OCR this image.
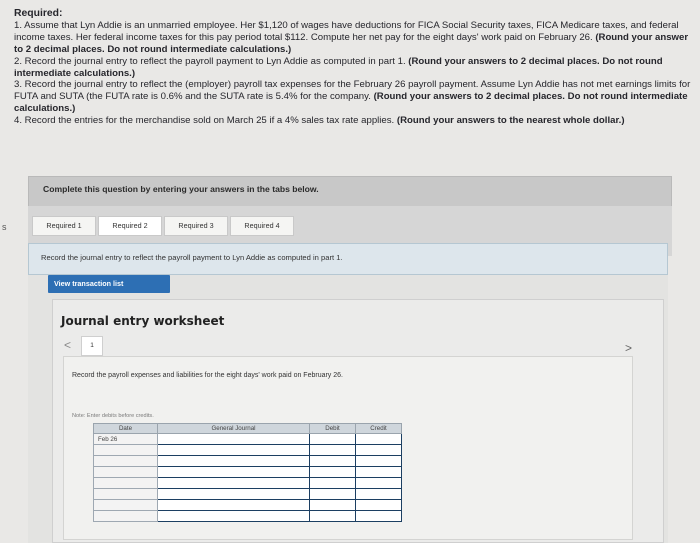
s
Required:
1. Assume that Lyn Addie is an unmarried employee. Her $1,120 of wages have deductions for FICA Social Security taxes, FICA Medicare taxes, and federal income taxes. Her federal income taxes for this pay period total $112. Compute her net pay for the eight days' work paid on February 26. (Round your answer to 2 decimal places. Do not round intermediate calculations.)
2. Record the journal entry to reflect the payroll payment to Lyn Addie as computed in part 1. (Round your answers to 2 decimal places. Do not round intermediate calculations.)
3. Record the journal entry to reflect the (employer) payroll tax expenses for the February 26 payroll payment. Assume Lyn Addie has not met earnings limits for FUTA and SUTA (the FUTA rate is 0.6% and the SUTA rate is 5.4% for the company. (Round your answers to 2 decimal places. Do not round intermediate calculations.)
4. Record the entries for the merchandise sold on March 25 if a 4% sales tax rate applies. (Round your answers to the nearest whole dollar.)
Complete this question by entering your answers in the tabs below.
Required 1	Required 2	Required 3	Required 4
Record the journal entry to reflect the payroll payment to Lyn Addie as computed in part 1.
View transaction list
Journal entry worksheet
<	1	>
Record the payroll expenses and liabilities for the eight days' work paid on February 26.
Note: Enter debits before credits.
Date	General Journal	Debit	Credit
Feb 26			
